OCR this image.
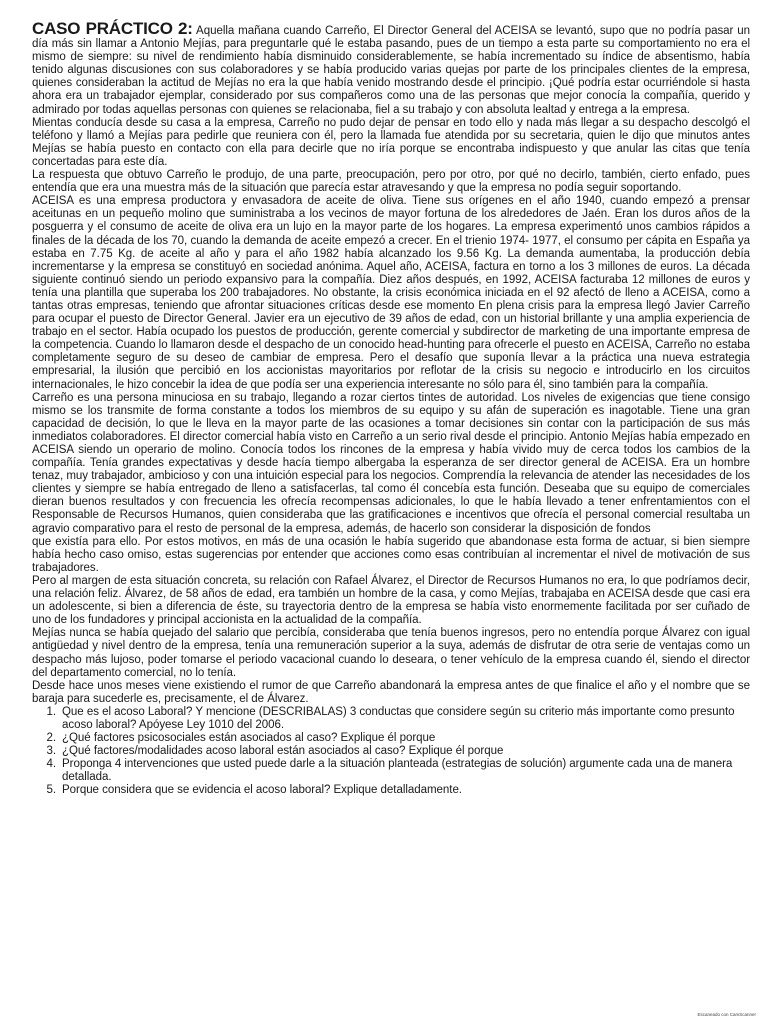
CASO PRÁCTICO 2: Aquella mañana cuando Carreño, El Director General del ACEISA se levantó, supo que no podría pasar un día más sin llamar a Antonio Mejías, para preguntarle qué le estaba pasando, pues de un tiempo a esta parte su comportamiento no era el mismo de siempre: su nivel de rendimiento había disminuido considerablemente, se había incrementado su índice de absentismo, había tenido algunas discusiones con sus colaboradores y se había producido varias quejas por parte de los principales clientes de la empresa, quienes consideraban la actitud de Mejías no era la que había venido mostrando desde el principio. ¡Qué podría estar ocurriéndole si hasta ahora era un trabajador ejemplar, considerado por sus compañeros como una de las personas que mejor conocía la compañía, querido y admirado por todas aquellas personas con quienes se relacionaba, fiel a su trabajo y con absoluta lealtad y entrega a la empresa.

Mientas conducía desde su casa a la empresa, Carreño no pudo dejar de pensar en todo ello y nada más llegar a su despacho descolgó el teléfono y llamó a Mejías para pedirle que reuniera con él, pero la llamada fue atendida por su secretaria, quien le dijo que minutos antes Mejías se había puesto en contacto con ella para decirle que no iría porque se encontraba indispuesto y que anular las citas que tenía concertadas para este día.

La respuesta que obtuvo Carreño le produjo, de una parte, preocupación, pero por otro, por qué no decirlo, también, cierto enfado, pues entendía que era una muestra más de la situación que parecía estar atravesando y que la empresa no podía seguir soportando.

ACEISA es una empresa productora y envasadora de aceite de oliva. Tiene sus orígenes en el año 1940, cuando empezó a prensar aceitunas en un pequeño molino que suministraba a los vecinos de mayor fortuna de los alrededores de Jaén. Eran los duros años de la posguerra y el consumo de aceite de oliva era un lujo en la mayor parte de los hogares. La empresa experimentó unos cambios rápidos a finales de la década de los 70, cuando la demanda de aceite empezó a crecer. En el trienio 1974- 1977, el consumo per cápita en España ya estaba en 7.75 Kg. de aceite al año y para el año 1982 había alcanzado los 9.56 Kg. La demanda aumentaba, la producción debía incrementarse y la empresa se constituyó en sociedad anónima. Aquel año, ACEISA, factura en torno a los 3 millones de euros. La década siguiente continuó siendo un periodo expansivo para la compañía. Diez años después, en 1992, ACEISA facturaba 12 millones de euros y tenía una plantilla que superaba los 200 trabajadores. No obstante, la crisis económica iniciada en el 92 afectó de lleno a ACEISA, como a tantas otras empresas, teniendo que afrontar situaciones críticas desde ese momento En plena crisis para la empresa llegó Javier Carreño para ocupar el puesto de Director General. Javier era un ejecutivo de 39 años de edad, con un historial brillante y una amplia experiencia de trabajo en el sector. Había ocupado los puestos de producción, gerente comercial y subdirector de marketing de una importante empresa de la competencia. Cuando lo llamaron desde el despacho de un conocido head-hunting para ofrecerle el puesto en ACEISA, Carreño no estaba completamente seguro de su deseo de cambiar de empresa. Pero el desafío que suponía llevar a la práctica una nueva estrategia empresarial, la ilusión que percibió en los accionistas mayoritarios por reflotar de la crisis su negocio e introducirlo en los circuitos internacionales, le hizo concebir la idea de que podía ser una experiencia interesante no sólo para él, sino también para la compañía.

Carreño es una persona minuciosa en su trabajo, llegando a rozar ciertos tintes de autoridad. Los niveles de exigencias que tiene consigo mismo se los transmite de forma constante a todos los miembros de su equipo y su afán de superación es inagotable. Tiene una gran capacidad de decisión, lo que le lleva en la mayor parte de las ocasiones a tomar decisiones sin contar con la participación de sus más inmediatos colaboradores. El director comercial había visto en Carreño a un serio rival desde el principio. Antonio Mejías había empezado en ACEISA siendo un operario de molino. Conocía todos los rincones de la empresa y había vivido muy de cerca todos los cambios de la compañía. Tenía grandes expectativas y desde hacía tiempo albergaba la esperanza de ser director general de ACEISA. Era un hombre tenaz, muy trabajador, ambicioso y con una intuición especial para los negocios. Comprendía la relevancia de atender las necesidades de los clientes y siempre se había entregado de lleno a satisfacerlas, tal como él concebía esta función. Deseaba que su equipo de comerciales dieran buenos resultados y con frecuencia les ofrecía recompensas adicionales, lo que le había llevado a tener enfrentamientos con el Responsable de Recursos Humanos, quien consideraba que las gratificaciones e incentivos que ofrecía el personal comercial resultaba un agravio comparativo para el resto de personal de la empresa, además, de hacerlo son considerar la disposición de fondos

que existía para ello. Por estos motivos, en más de una ocasión le había sugerido que abandonase esta forma de actuar, si bien siempre había hecho caso omiso, estas sugerencias por entender que acciones como esas contribuían al incrementar el nivel de motivación de sus trabajadores.

Pero al margen de esta situación concreta, su relación con Rafael Álvarez, el Director de Recursos Humanos no era, lo que podríamos decir, una relación feliz. Álvarez, de 58 años de edad, era también un hombre de la casa, y como Mejías, trabajaba en ACEISA desde que casi era un adolescente, si bien a diferencia de éste, su trayectoria dentro de la empresa se había visto enormemente facilitada por ser cuñado de uno de los fundadores y principal accionista en la actualidad de la compañía.

Mejías nunca se había quejado del salario que percibía, consideraba que tenía buenos ingresos, pero no entendía porque Álvarez con igual antigüedad y nivel dentro de la empresa, tenía una remuneración superior a la suya, además de disfrutar de otra serie de ventajas como un despacho más lujoso, poder tomarse el periodo vacacional cuando lo deseara, o tener vehículo de la empresa cuando él, siendo el director del departamento comercial, no lo tenía.

Desde hace unos meses viene existiendo el rumor de que Carreño abandonará la empresa antes de que finalice el año y el nombre que se baraja para sucederle es, precisamente, el de Álvarez.

1. Que es el acoso Laboral? Y mencione (DESCRIBALAS) 3 conductas que considere según su criterio más importante como presunto acoso laboral? Apóyese Ley 1010 del 2006.
2. ¿Qué factores psicosociales están asociados al caso? Explique él porque
3. ¿Qué factores/modalidades acoso laboral están asociados al caso? Explique él porque
4. Proponga 4 intervenciones que usted puede darle a la situación planteada (estrategias de solución) argumente cada una de manera detallada.
5. Porque considera que se evidencia el acoso laboral? Explique detalladamente.
Escaneado con CamScanner
